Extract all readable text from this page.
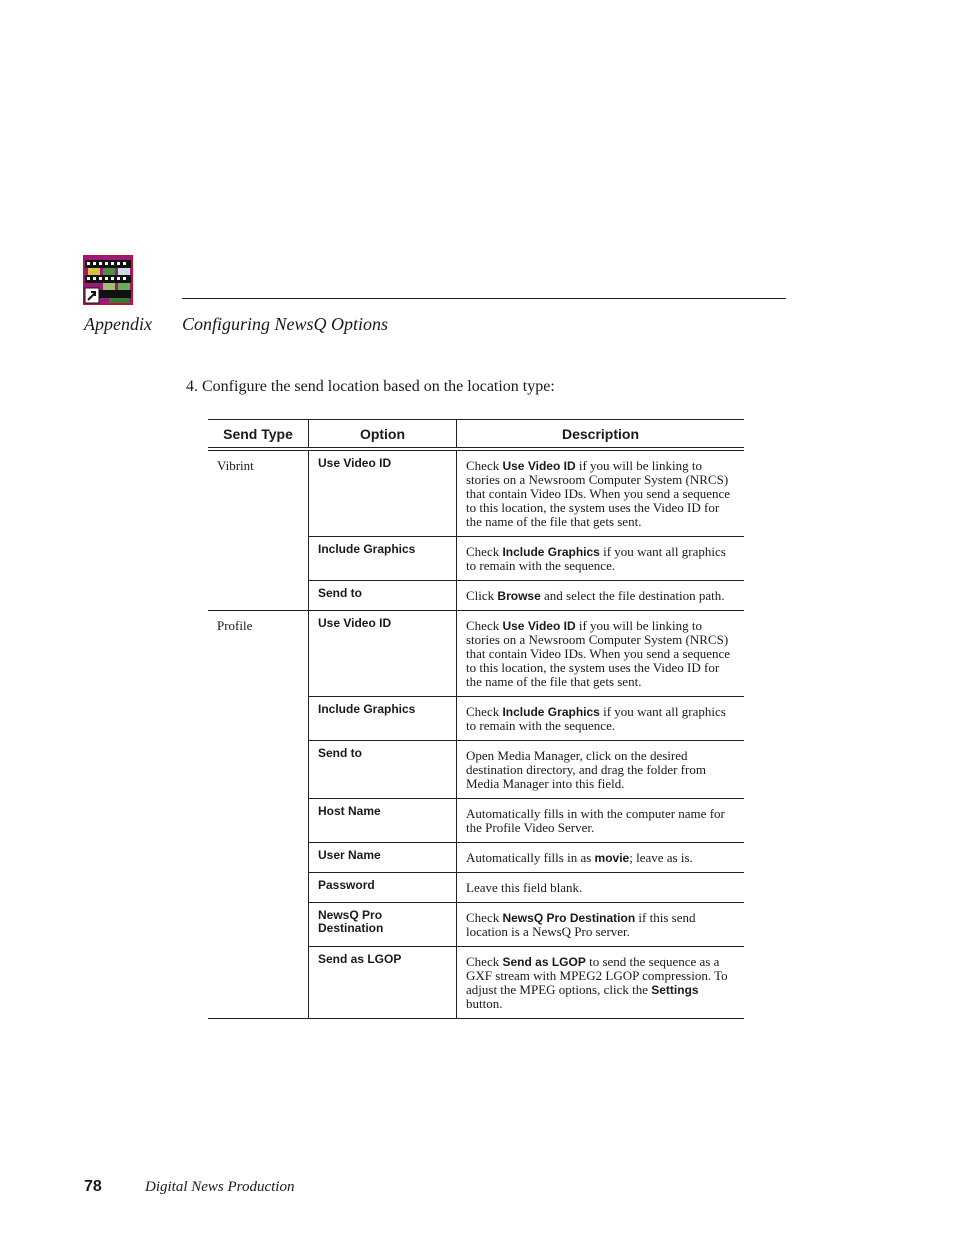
Appendix Configuring NewsQ Options
4. Configure the send location based on the location type:
Send Type	Option	Description
Vibrint	Use Video ID	Check Use Video ID if you will be linking to stories on a Newsroom Computer System (NRCS) that contain Video IDs. When you send a sequence to this location, the system uses the Video ID for the name of the file that gets sent.
	Include Graphics	Check Include Graphics if you want all graphics to remain with the sequence.
	Send to	Click Browse and select the file destination path.
Profile	Use Video ID	Check Use Video ID if you will be linking to stories on a Newsroom Computer System (NRCS) that contain Video IDs. When you send a sequence to this location, the system uses the Video ID for the name of the file that gets sent.
	Include Graphics	Check Include Graphics if you want all graphics to remain with the sequence.
	Send to	Open Media Manager, click on the desired destination directory, and drag the folder from Media Manager into this field.
	Host Name	Automatically fills in with the computer name for the Profile Video Server.
	User Name	Automatically fills in as movie; leave as is.
	Password	Leave this field blank.
	NewsQ Pro Destination	Check NewsQ Pro Destination if this send location is a NewsQ Pro server.
	Send as LGOP	Check Send as LGOP to send the sequence as a GXF stream with MPEG2 LGOP compression. To adjust the MPEG options, click the Settings button.
78	Digital News Production
